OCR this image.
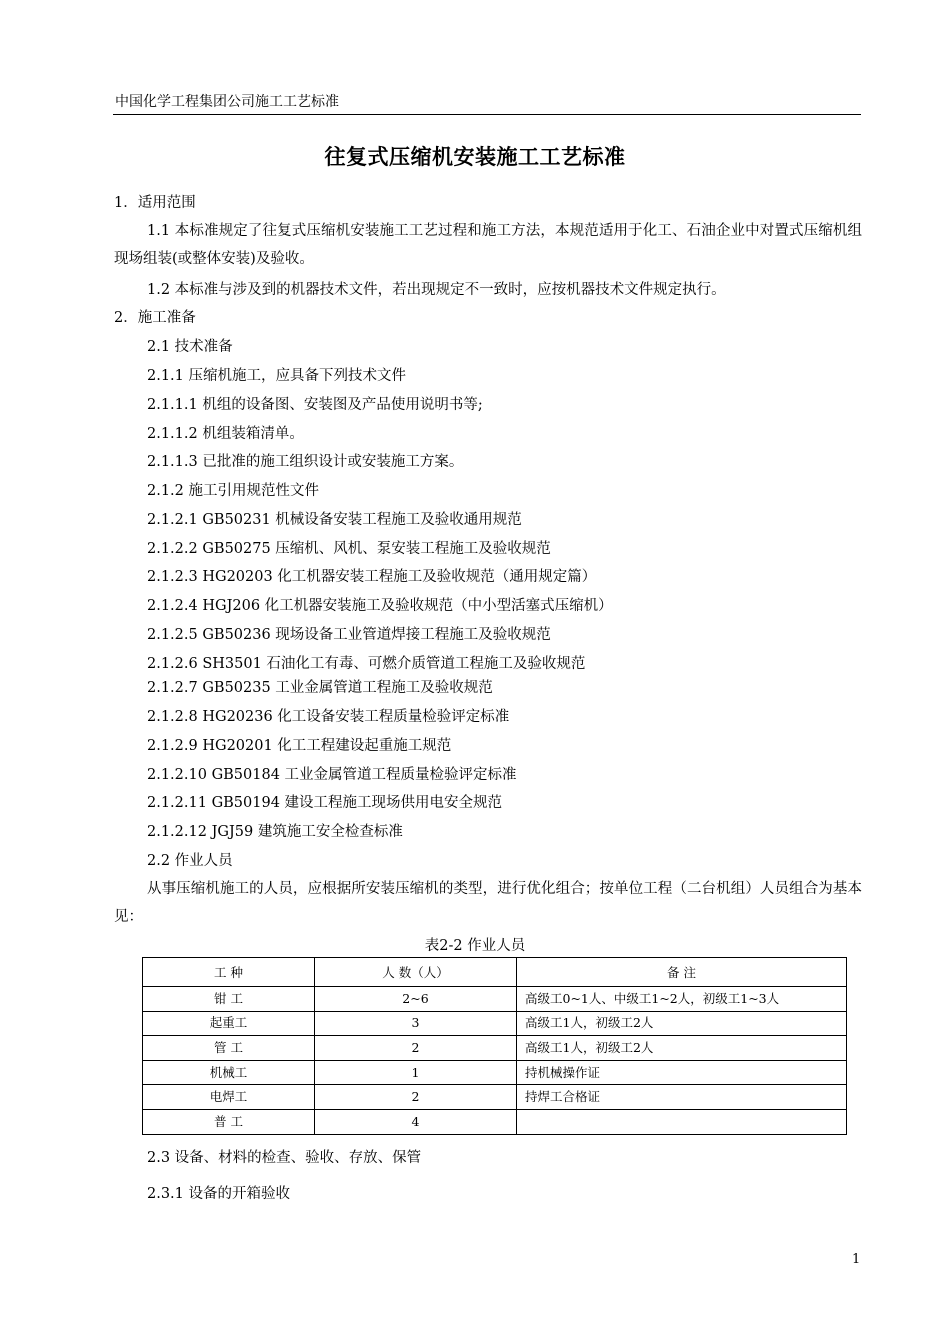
中国化学工程集团公司施工工艺标准
往复式压缩机安装施工工艺标准
1．适用范围
1.1 本标准规定了往复式压缩机安装施工工艺过程和施工方法，本规范适用于化工、石油企业中对置式压缩机组现场组装(或整体安装)及验收。
1.2 本标准与涉及到的机器技术文件，若出现规定不一致时，应按机器技术文件规定执行。
2．施工准备
2.1 技术准备
2.1.1 压缩机施工，应具备下列技术文件
2.1.1.1 机组的设备图、安装图及产品使用说明书等;
2.1.1.2 机组装箱清单。
2.1.1.3 已批准的施工组织设计或安装施工方案。
2.1.2 施工引用规范性文件
2.1.2.1 GB50231 机械设备安装工程施工及验收通用规范
2.1.2.2 GB50275 压缩机、风机、泵安装工程施工及验收规范
2.1.2.3 HG20203 化工机器安装工程施工及验收规范（通用规定篇）
2.1.2.4 HGJ206 化工机器安装施工及验收规范（中小型活塞式压缩机）
2.1.2.5 GB50236 现场设备工业管道焊接工程施工及验收规范
2.1.2.6 SH3501 石油化工有毒、可燃介质管道工程施工及验收规范
2.1.2.7 GB50235 工业金属管道工程施工及验收规范
2.1.2.8 HG20236 化工设备安装工程质量检验评定标准
2.1.2.9 HG20201 化工工程建设起重施工规范
2.1.2.10 GB50184 工业金属管道工程质量检验评定标准
2.1.2.11 GB50194 建设工程施工现场供用电安全规范
2.1.2.12 JGJ59 建筑施工安全检查标准
2.2 作业人员
从事压缩机施工的人员，应根据所安装压缩机的类型，进行优化组合；按单位工程（二台机组）人员组合为基本见：
表2-2 作业人员
工 种	人 数（人）	备 注
钳 工	2~6	高级工0~1人、中级工1~2人，初级工1~3人
起重工	3	高级工1人，初级工2人
管 工	2	高级工1人，初级工2人
机械工	1	持机械操作证
电焊工	2	持焊工合格证
普 工	4	
2.3 设备、材料的检查、验收、存放、保管
2.3.1 设备的开箱验收
1
